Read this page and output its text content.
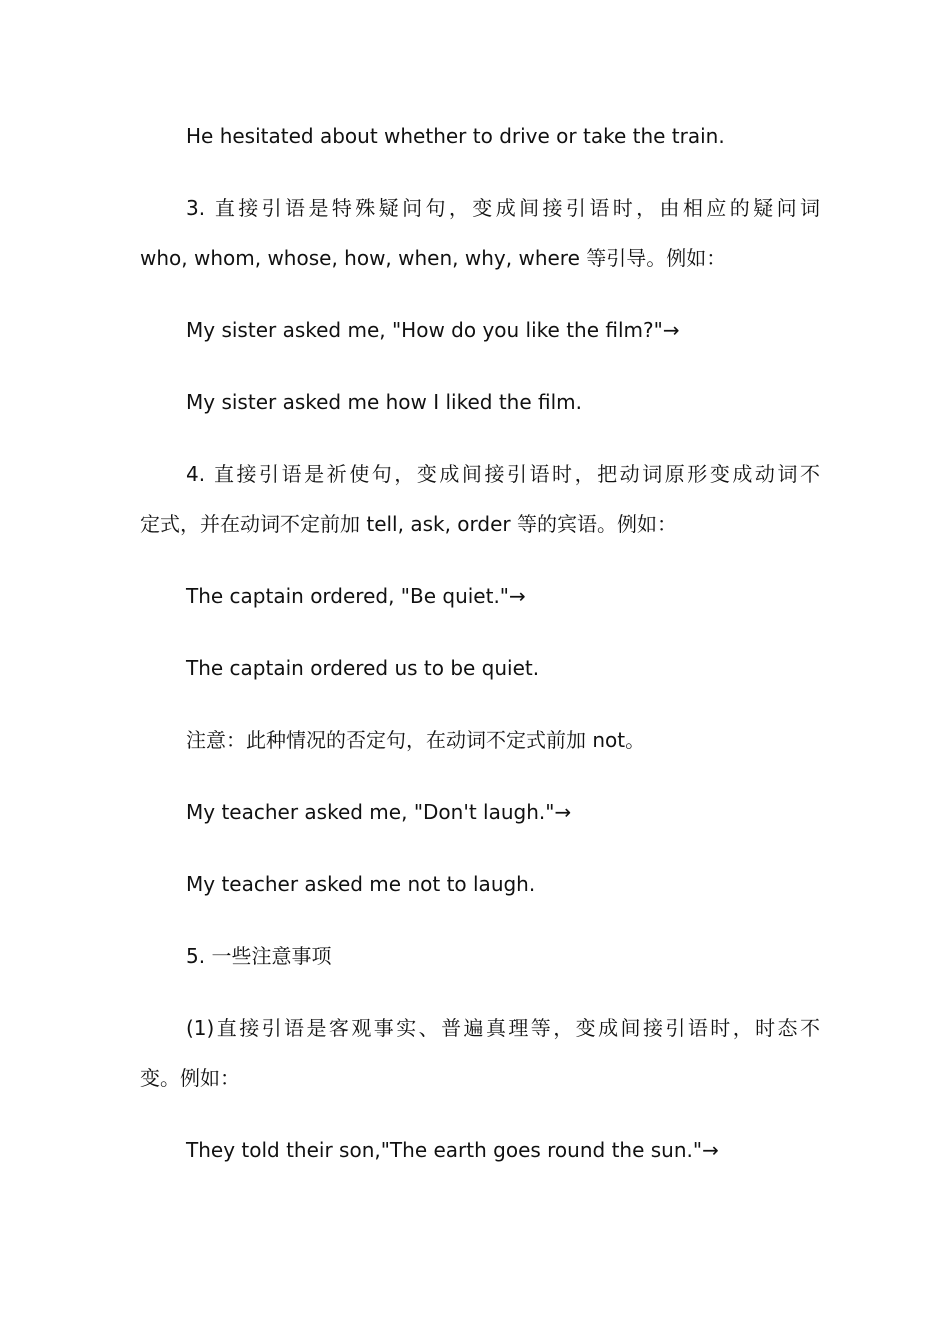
He hesitated about whether to drive or take the train.
3. 直接引语是特殊疑问句，变成间接引语时，由相应的疑问词
who, whom, whose, how, when, why, where 等引导。例如：
My sister asked me, "How do you like the film?"→
My sister asked me how I liked the film.
4. 直接引语是祈使句，变成间接引语时，把动词原形变成动词不
定式，并在动词不定前加 tell, ask, order 等的宾语。例如：
The captain ordered, "Be quiet."→
The captain ordered us to be quiet.
注意：此种情况的否定句，在动词不定式前加 not。
My teacher asked me, "Don't laugh."→
My teacher asked me not to laugh.
5. 一些注意事项
(1)直接引语是客观事实、普遍真理等，变成间接引语时，时态不
变。例如：
They told their son,"The earth goes round the sun."→
